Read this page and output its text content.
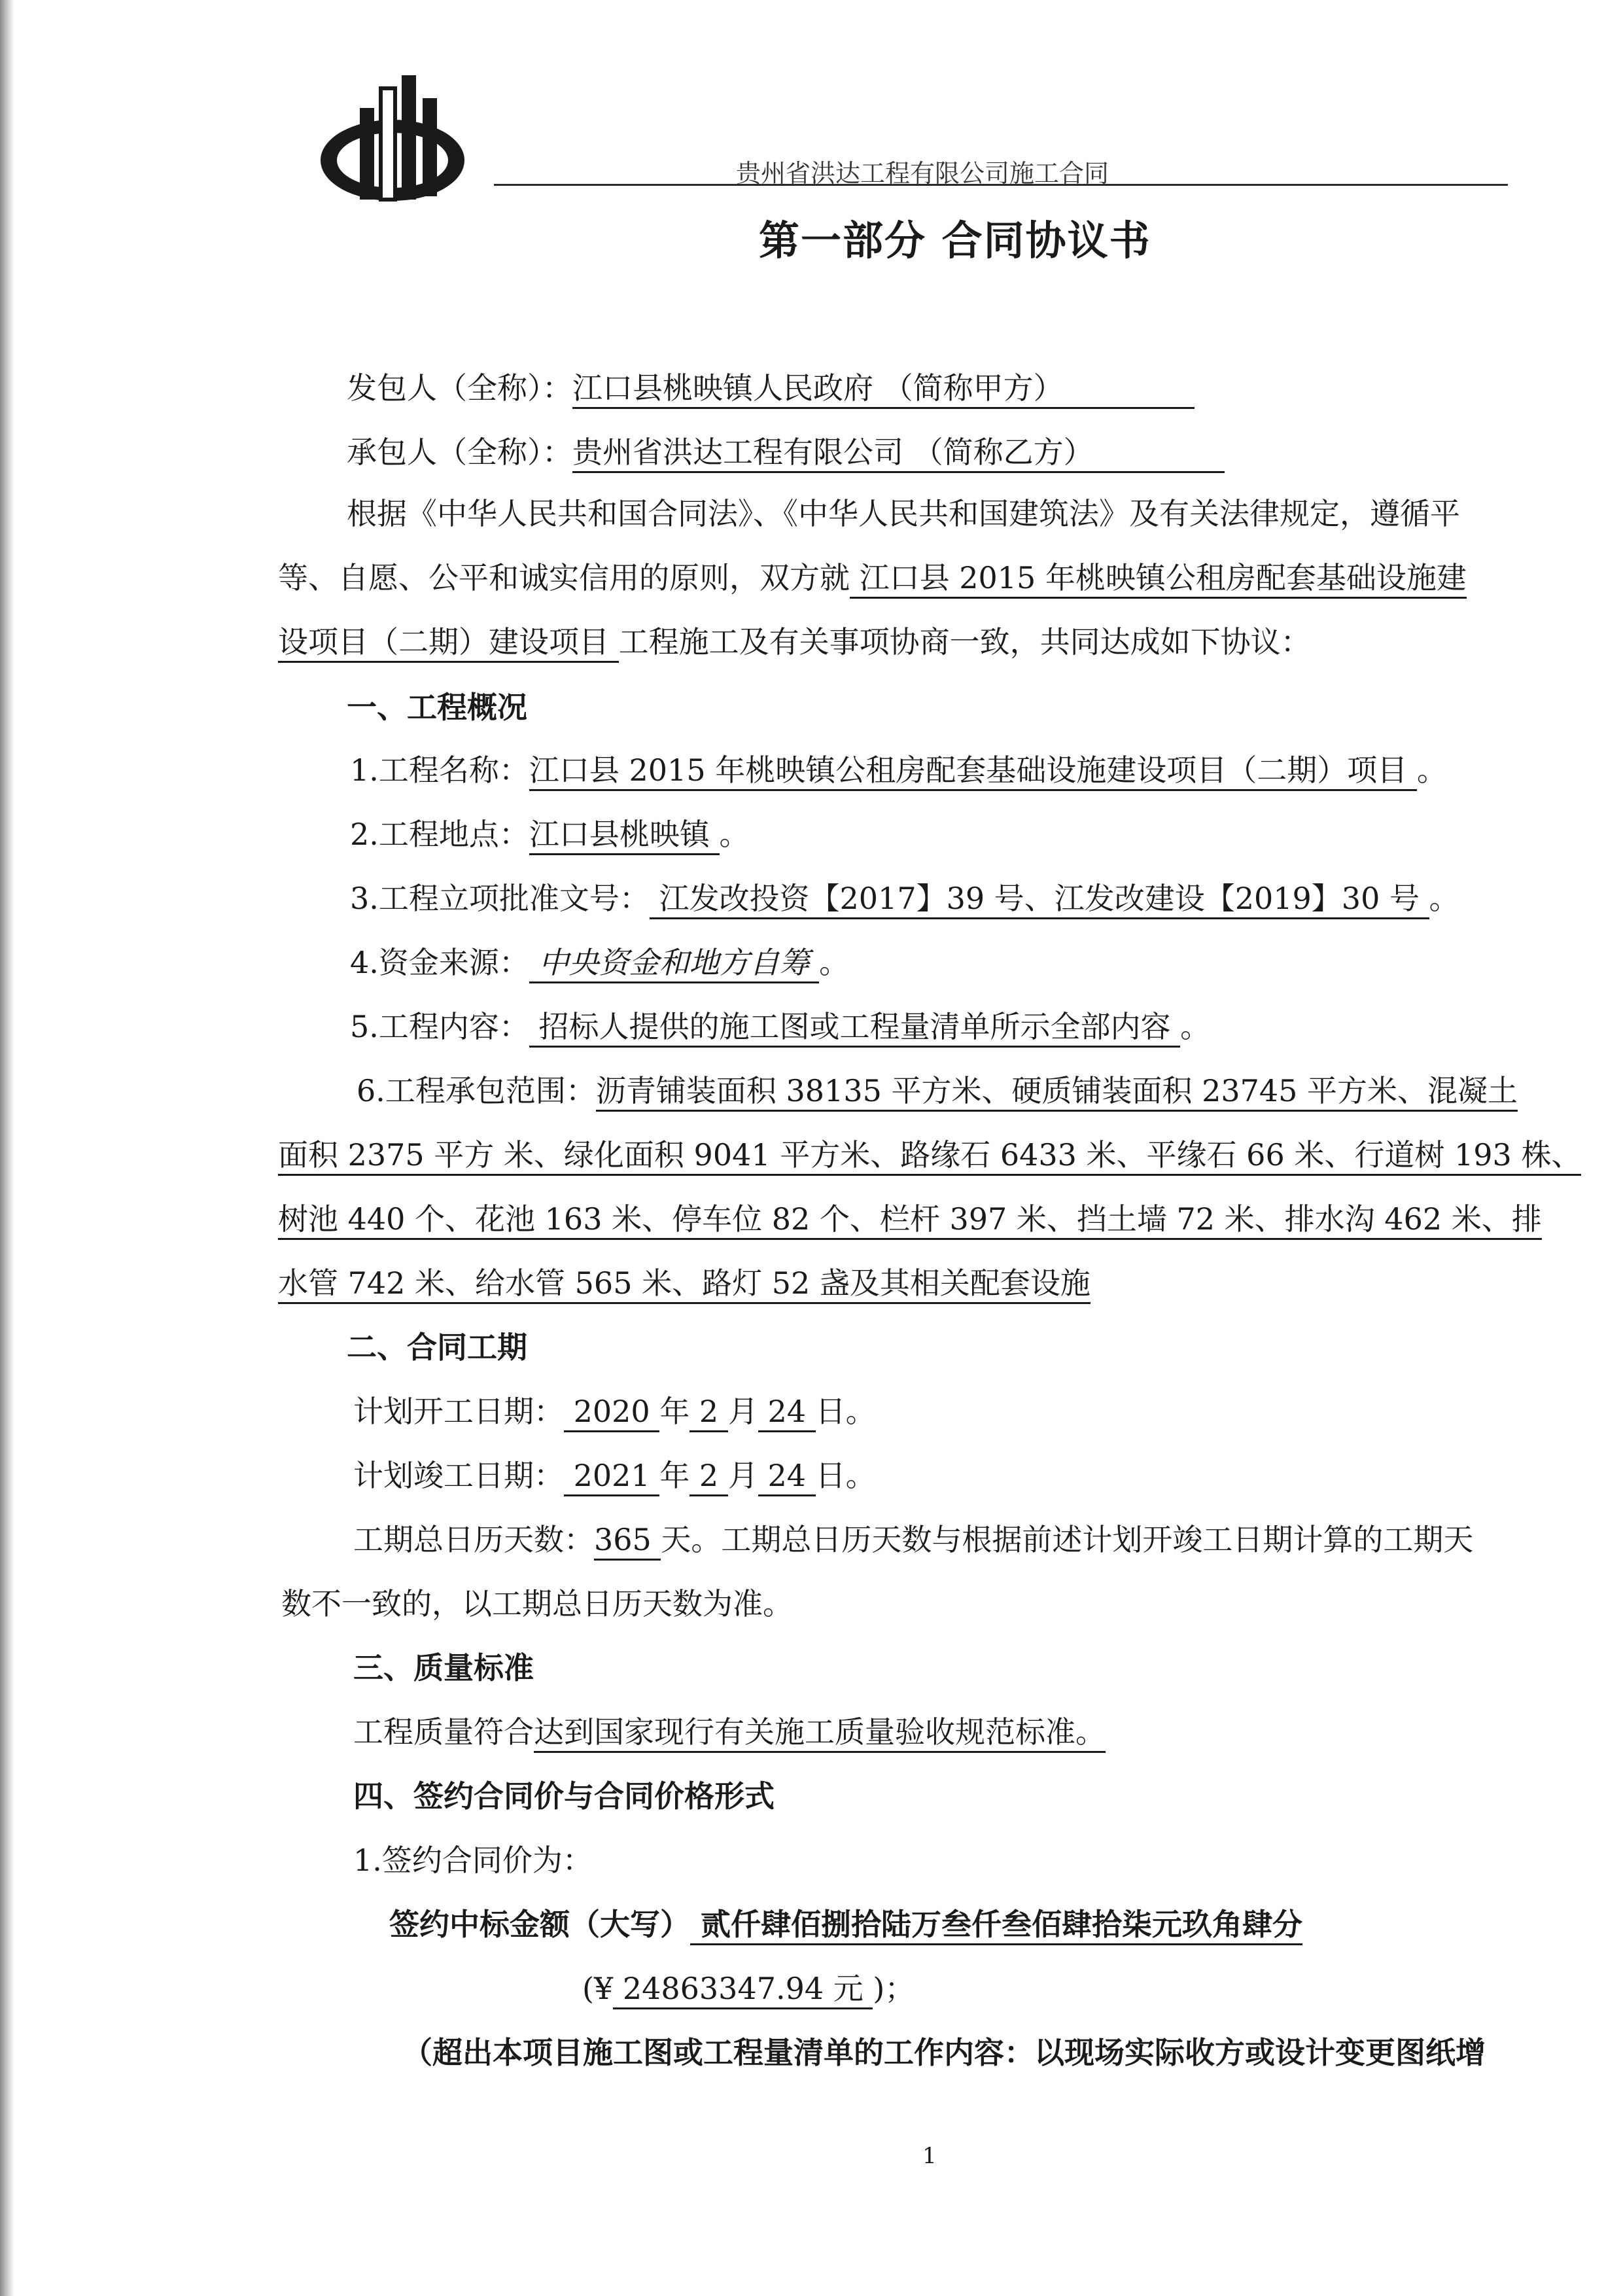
贵州省洪达工程有限公司施工合同
第一部分 合同协议书
发包人（全称）：江口县桃映镇人民政府 （简称甲方）
承包人（全称）：贵州省洪达工程有限公司 （简称乙方）
根据《中华人民共和国合同法》、《中华人民共和国建筑法》及有关法律规定，遵循平
等、自愿、公平和诚实信用的原则，双方就 江口县 2015 年桃映镇公租房配套基础设施建
设项目（二期）建设项目 工程施工及有关事项协商一致，共同达成如下协议：
一、工程概况
1.工程名称：江口县 2015 年桃映镇公租房配套基础设施建设项目（二期）项目 。
2.工程地点：江口县桃映镇 。
3.工程立项批准文号： 江发改投资【2017】39 号、江发改建设【2019】30 号 。
4.资金来源： 中央资金和地方自筹 。
5.工程内容： 招标人提供的施工图或工程量清单所示全部内容 。
6.工程承包范围：沥青铺装面积 38135 平方米、硬质铺装面积 23745 平方米、混凝土
面积 2375 平方 米、绿化面积 9041 平方米、路缘石 6433 米、平缘石 66 米、行道树 193 株、
树池 440 个、花池 163 米、停车位 82 个、栏杆 397 米、挡土墙 72 米、排水沟 462 米、排
水管 742 米、给水管 565 米、路灯 52 盏及其相关配套设施
二、合同工期
计划开工日期： 2020 年 2 月 24 日。
计划竣工日期： 2021 年 2 月 24 日。
工期总日历天数：365 天。工期总日历天数与根据前述计划开竣工日期计算的工期天
数不一致的，以工期总日历天数为准。
三、质量标准
工程质量符合达到国家现行有关施工质量验收规范标准。
四、签约合同价与合同价格形式
1.签约合同价为：
签约中标金额（大写） 贰仟肆佰捌拾陆万叁仟叁佰肆拾柒元玖角肆分
(¥ 24863347.94 元 )；
（超出本项目施工图或工程量清单的工作内容：以现场实际收方或设计变更图纸增
1
